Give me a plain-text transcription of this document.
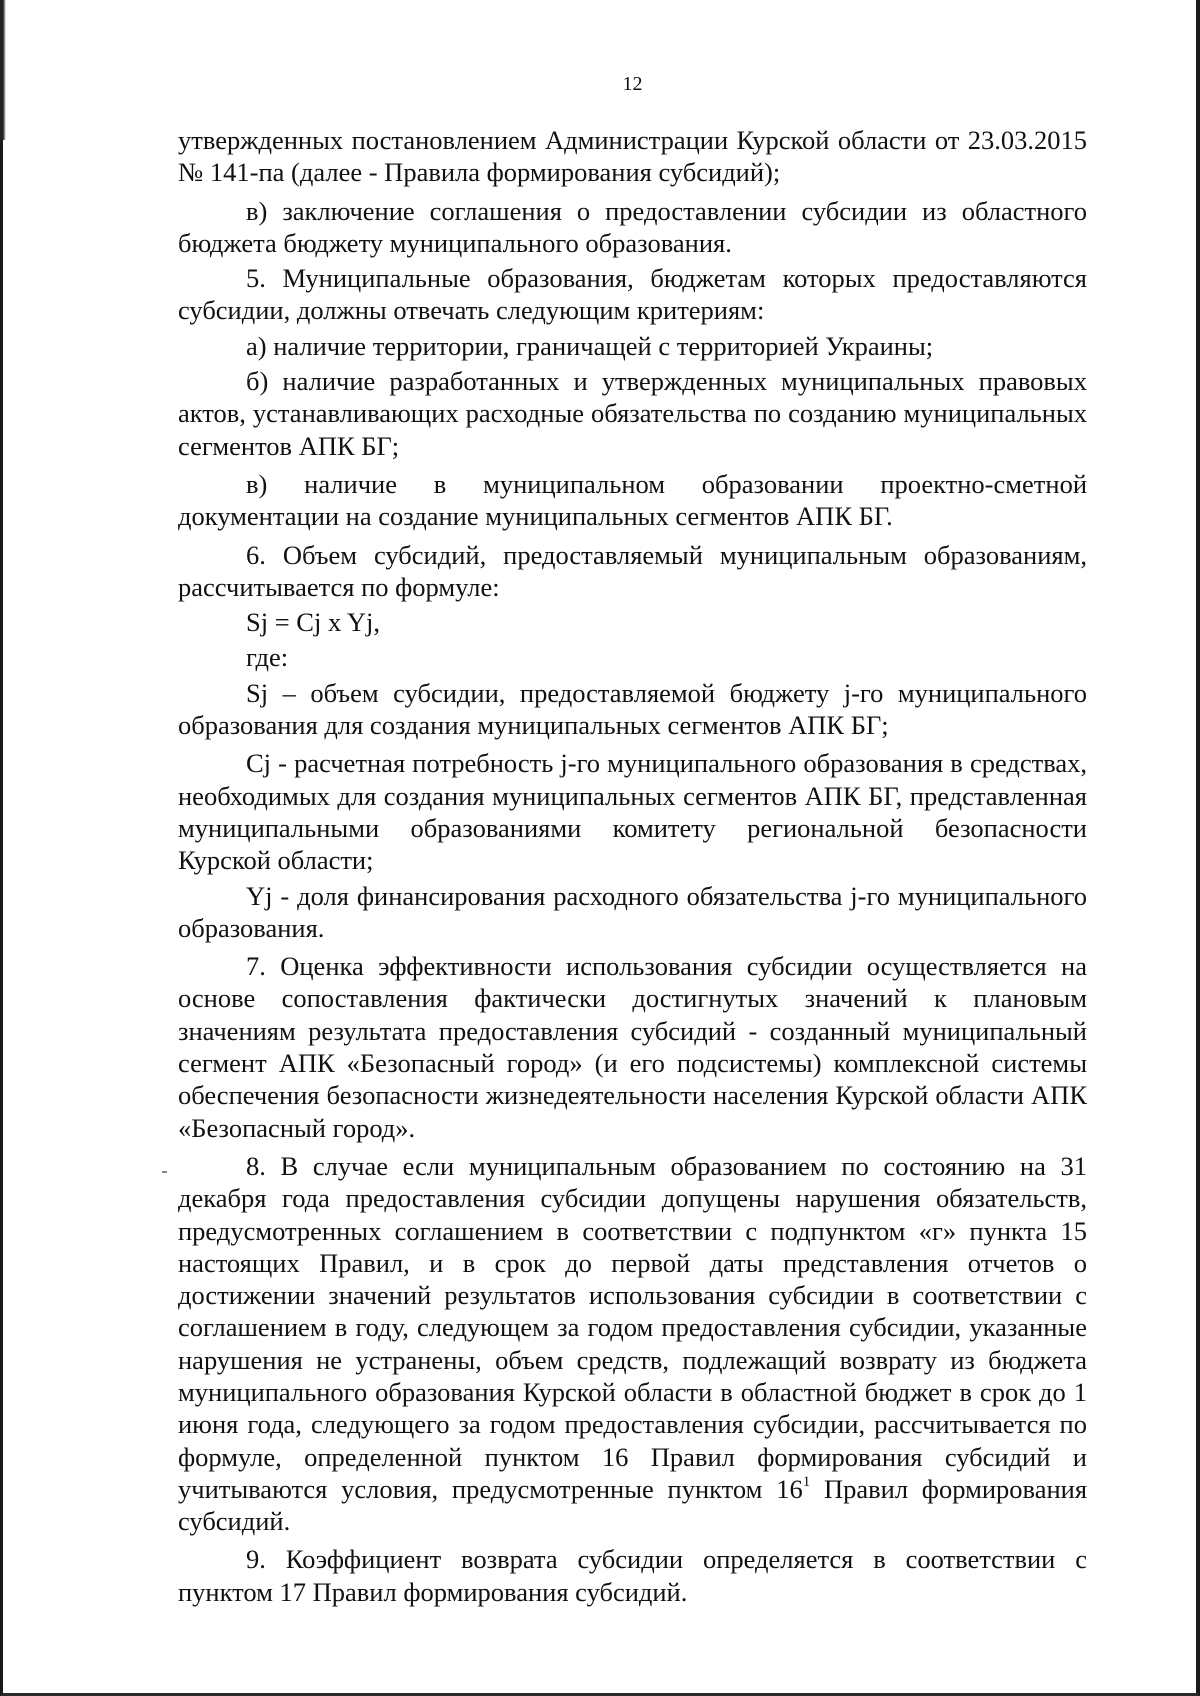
12

утвержденных постановлением Администрации Курской области от 23.03.2015 № 141-па (далее - Правила формирования субсидий);

в) заключение соглашения о предоставлении субсидии из областного бюджета бюджету муниципального образования.

5. Муниципальные образования, бюджетам которых предоставляются субсидии, должны отвечать следующим критериям:

а) наличие территории, граничащей с территорией Украины;

б) наличие разработанных и утвержденных муниципальных правовых актов, устанавливающих расходные обязательства по созданию муниципальных сегментов АПК БГ;

в) наличие в муниципальном образовании проектно-сметной документации на создание муниципальных сегментов АПК БГ.

6. Объем субсидий, предоставляемый муниципальным образованиям, рассчитывается по формуле:

Sj = Cj x Yj,

где:

Sj – объем субсидии, предоставляемой бюджету j-го муниципального образования для создания муниципальных сегментов АПК БГ;

Cj - расчетная потребность j-го муниципального образования в средствах, необходимых для создания муниципальных сегментов АПК БГ, представленная муниципальными образованиями комитету региональной безопасности Курской области;

Yj - доля финансирования расходного обязательства j-го муниципального образования.

7. Оценка эффективности использования субсидии осуществляется на основе сопоставления фактически достигнутых значений к плановым значениям результата предоставления субсидий - созданный муниципальный сегмент АПК «Безопасный город» (и его подсистемы) комплексной системы обеспечения безопасности жизнедеятельности населения Курской области АПК «Безопасный город».

8. В случае если муниципальным образованием по состоянию на 31 декабря года предоставления субсидии допущены нарушения обязательств, предусмотренных соглашением в соответствии с подпунктом «г» пункта 15 настоящих Правил, и в срок до первой даты представления отчетов о достижении значений результатов использования субсидии в соответствии с соглашением в году, следующем за годом предоставления субсидии, указанные нарушения не устранены, объем средств, подлежащий возврату из бюджета муниципального образования Курской области в областной бюджет в срок до 1 июня года, следующего за годом предоставления субсидии, рассчитывается по формуле, определенной пунктом 16 Правил формирования субсидий и учитываются условия, предусмотренные пунктом $16^1$ Правил формирования субсидий.

9. Коэффициент возврата субсидии определяется в соответствии с пунктом 17 Правил формирования субсидий.
